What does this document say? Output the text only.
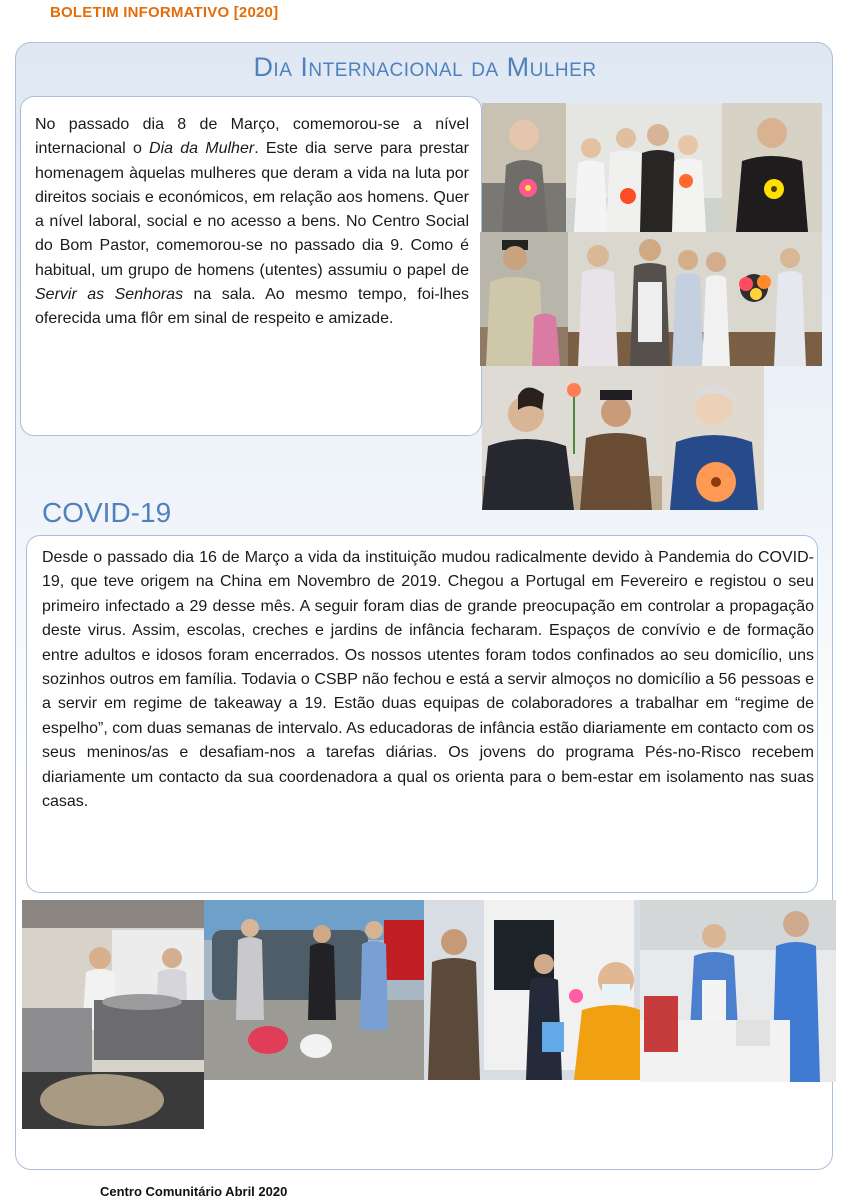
BOLETIM INFORMATIVO [2020]
Dia Internacional da Mulher
No passado dia 8 de Março, comemorou-se a nível internacional o Dia da Mulher. Este dia serve para prestar homenagem àquelas mulheres que deram a vida na luta por direitos sociais e económicos, em relação aos homens. Quer a nível laboral, social e no acesso a bens. No Centro Social do Bom Pastor, comemorou-se no passado dia 9. Como é habitual, um grupo de homens (utentes) assumiu o papel de Servir as Senhoras na sala. Ao mesmo tempo, foi-lhes oferecida uma flôr em sinal de respeito e amizade.
COVID-19
Desde o passado dia 16 de Março a vida da instituição mudou radicalmente devido à Pandemia do COVID-19, que teve origem na China em Novembro de 2019. Chegou a Portugal em Fevereiro e registou o seu primeiro infectado a 29 desse mês. A seguir foram dias de grande preocupação em controlar a propagação deste virus. Assim, escolas, creches e jardins de infância fecharam. Espaços de convívio e de formação entre adultos e idosos foram encerrados. Os nossos utentes foram todos confinados ao seu domicílio, uns sozinhos outros em família. Todavia o CSBP não fechou e está a servir almoços no domicílio a 56 pessoas e a servir em regime de takeaway a 19. Estão duas equipas de colaboradores a trabalhar em “regime de espelho”, com duas semanas de intervalo. As educadoras de infância estão diariamente em contacto com os seus meninos/as e desafiam-nos a tarefas diárias. Os jovens do programa Pés-no-Risco recebem diariamente um contacto da sua coordenadora a qual os orienta para o bem-estar em isolamento nas suas casas.
Centro Comunitário Abril 2020
